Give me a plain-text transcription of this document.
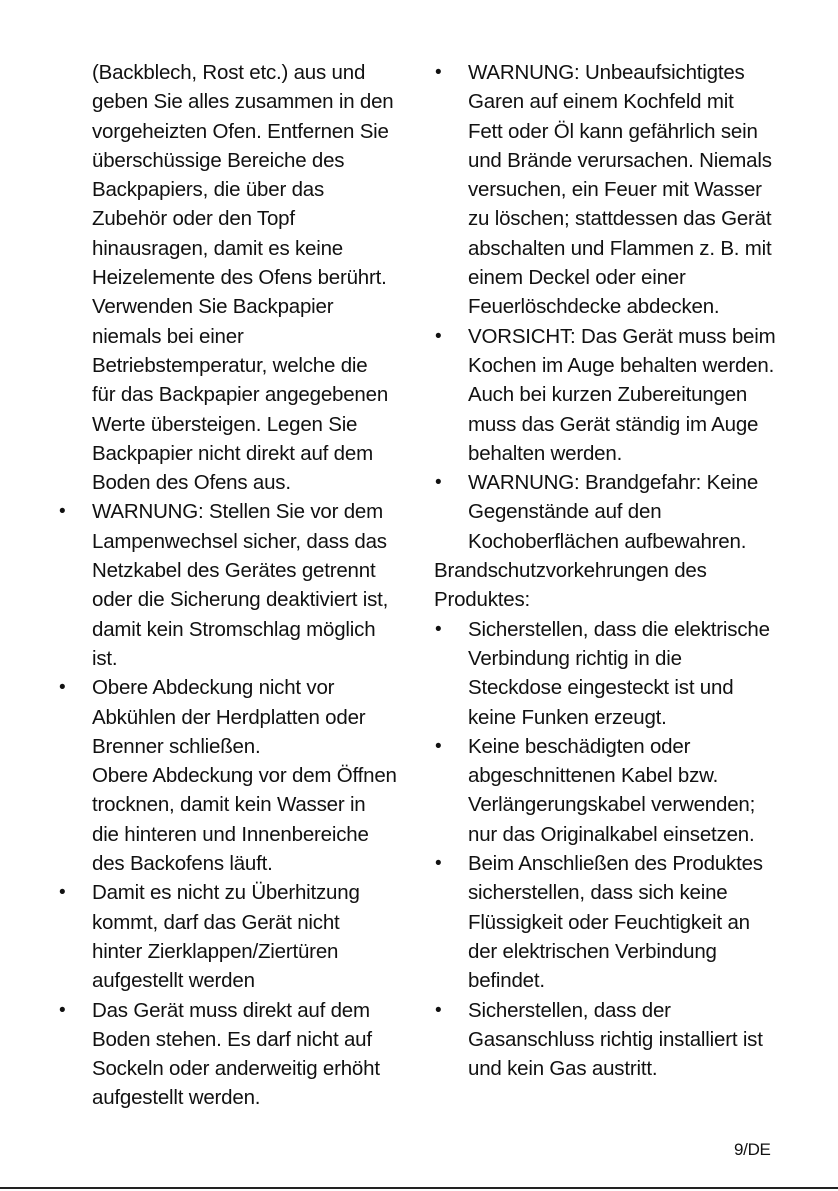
(Backblech, Rost etc.) aus und
geben Sie alles zusammen in den
vorgeheizten Ofen. Entfernen Sie
überschüssige Bereiche des
Backpapiers, die über das
Zubehör oder den Topf
hinausragen, damit es keine
Heizelemente des Ofens berührt.
Verwenden Sie Backpapier
niemals bei einer
Betriebstemperatur, welche die
für das Backpapier angegebenen
Werte übersteigen. Legen Sie
Backpapier nicht direkt auf dem
Boden des Ofens aus.
• WARNUNG: Stellen Sie vor dem
Lampenwechsel sicher, dass das
Netzkabel des Gerätes getrennt
oder die Sicherung deaktiviert ist,
damit kein Stromschlag möglich
ist.
• Obere Abdeckung nicht vor
Abkühlen der Herdplatten oder
Brenner schließen.
Obere Abdeckung vor dem Öffnen
trocknen, damit kein Wasser in
die hinteren und Innenbereiche
des Backofens läuft.
• Damit es nicht zu Überhitzung
kommt, darf das Gerät nicht
hinter Zierklappen/Ziertüren
aufgestellt werden
• Das Gerät muss direkt auf dem
Boden stehen. Es darf nicht auf
Sockeln oder anderweitig erhöht
aufgestellt werden.
• WARNUNG: Unbeaufsichtigtes
Garen auf einem Kochfeld mit
Fett oder Öl kann gefährlich sein
und Brände verursachen. Niemals
versuchen, ein Feuer mit Wasser
zu löschen; stattdessen das Gerät
abschalten und Flammen z. B. mit
einem Deckel oder einer
Feuerlöschdecke abdecken.
• VORSICHT: Das Gerät muss beim
Kochen im Auge behalten werden.
Auch bei kurzen Zubereitungen
muss das Gerät ständig im Auge
behalten werden.
• WARNUNG: Brandgefahr: Keine
Gegenstände auf den
Kochoberflächen aufbewahren.
Brandschutzvorkehrungen des
Produktes:
• Sicherstellen, dass die elektrische
Verbindung richtig in die
Steckdose eingesteckt ist und
keine Funken erzeugt.
• Keine beschädigten oder
abgeschnittenen Kabel bzw.
Verlängerungskabel verwenden;
nur das Originalkabel einsetzen.
• Beim Anschließen des Produktes
sicherstellen, dass sich keine
Flüssigkeit oder Feuchtigkeit an
der elektrischen Verbindung
befindet.
• Sicherstellen, dass der
Gasanschluss richtig installiert ist
und kein Gas austritt.
9/DE
